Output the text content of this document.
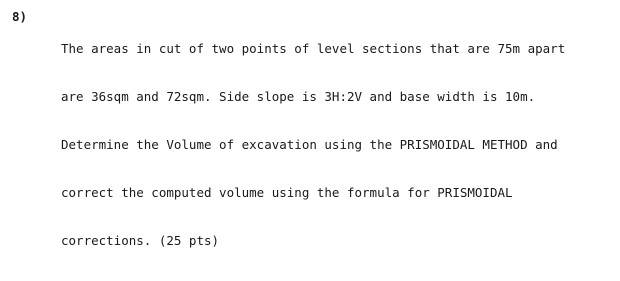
8)

The areas in cut of two points of level sections that are 75m apart

are 36sqm and 72sqm. Side slope is 3H:2V and base width is 10m.

Determine the Volume of excavation using the PRISMOIDAL METHOD and

correct the computed volume using the formula for PRISMOIDAL

corrections. (25 pts)
